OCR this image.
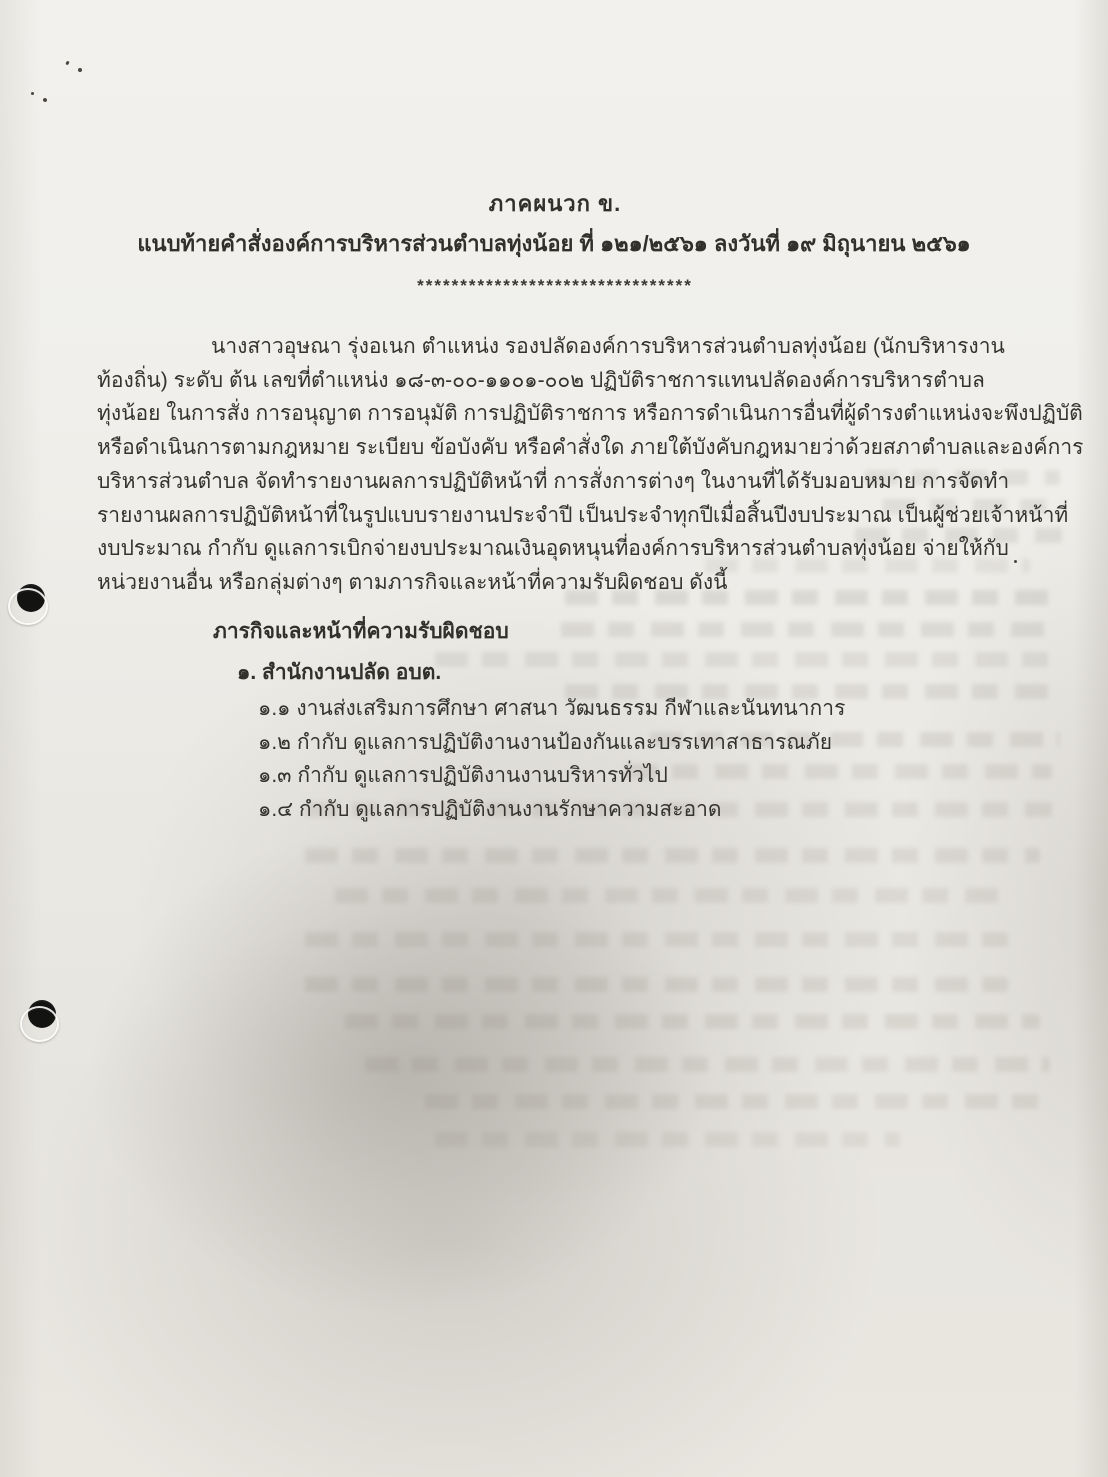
ภาคผนวก ข.
แนบท้ายคำสั่งองค์การบริหารส่วนตำบลทุ่งน้อย ที่ ๑๒๑/๒๕๖๑ ลงวันที่ ๑๙ มิถุนายน ๒๕๖๑
********************************
นางสาวอุษณา รุ่งอเนก ตำแหน่ง รองปลัดองค์การบริหารส่วนตำบลทุ่งน้อย (นักบริหารงาน
ท้องถิ่น) ระดับ ต้น เลขที่ตำแหน่ง ๑๘-๓-๐๐-๑๑๐๑-๐๐๒ ปฏิบัติราชการแทนปลัดองค์การบริหารตำบล
ทุ่งน้อย ในการสั่ง การอนุญาต การอนุมัติ การปฏิบัติราชการ หรือการดำเนินการอื่นที่ผู้ดำรงตำแหน่งจะพึงปฏิบัติ
หรือดำเนินการตามกฎหมาย ระเบียบ ข้อบังคับ หรือคำสั่งใด ภายใต้บังคับกฎหมายว่าด้วยสภาตำบลและองค์การ
บริหารส่วนตำบล จัดทำรายงานผลการปฏิบัติหน้าที่ การสั่งการต่างๆ ในงานที่ได้รับมอบหมาย การจัดทำ
รายงานผลการปฏิบัติหน้าที่ในรูปแบบรายงานประจำปี เป็นประจำทุกปีเมื่อสิ้นปีงบประมาณ เป็นผู้ช่วยเจ้าหน้าที่
งบประมาณ กำกับ ดูแลการเบิกจ่ายงบประมาณเงินอุดหนุนที่องค์การบริหารส่วนตำบลทุ่งน้อย จ่ายให้กับ
หน่วยงานอื่น หรือกลุ่มต่างๆ ตามภารกิจและหน้าที่ความรับผิดชอบ ดังนี้
ภารกิจและหน้าที่ความรับผิดชอบ
๑. สำนักงานปลัด อบต.
๑.๑ งานส่งเสริมการศึกษา ศาสนา วัฒนธรรม กีฬาและนันทนาการ
๑.๒ กำกับ ดูแลการปฏิบัติงานงานป้องกันและบรรเทาสาธารณภัย
๑.๓ กำกับ ดูแลการปฏิบัติงานงานบริหารทั่วไป
๑.๔ กำกับ ดูแลการปฏิบัติงานงานรักษาความสะอาด
